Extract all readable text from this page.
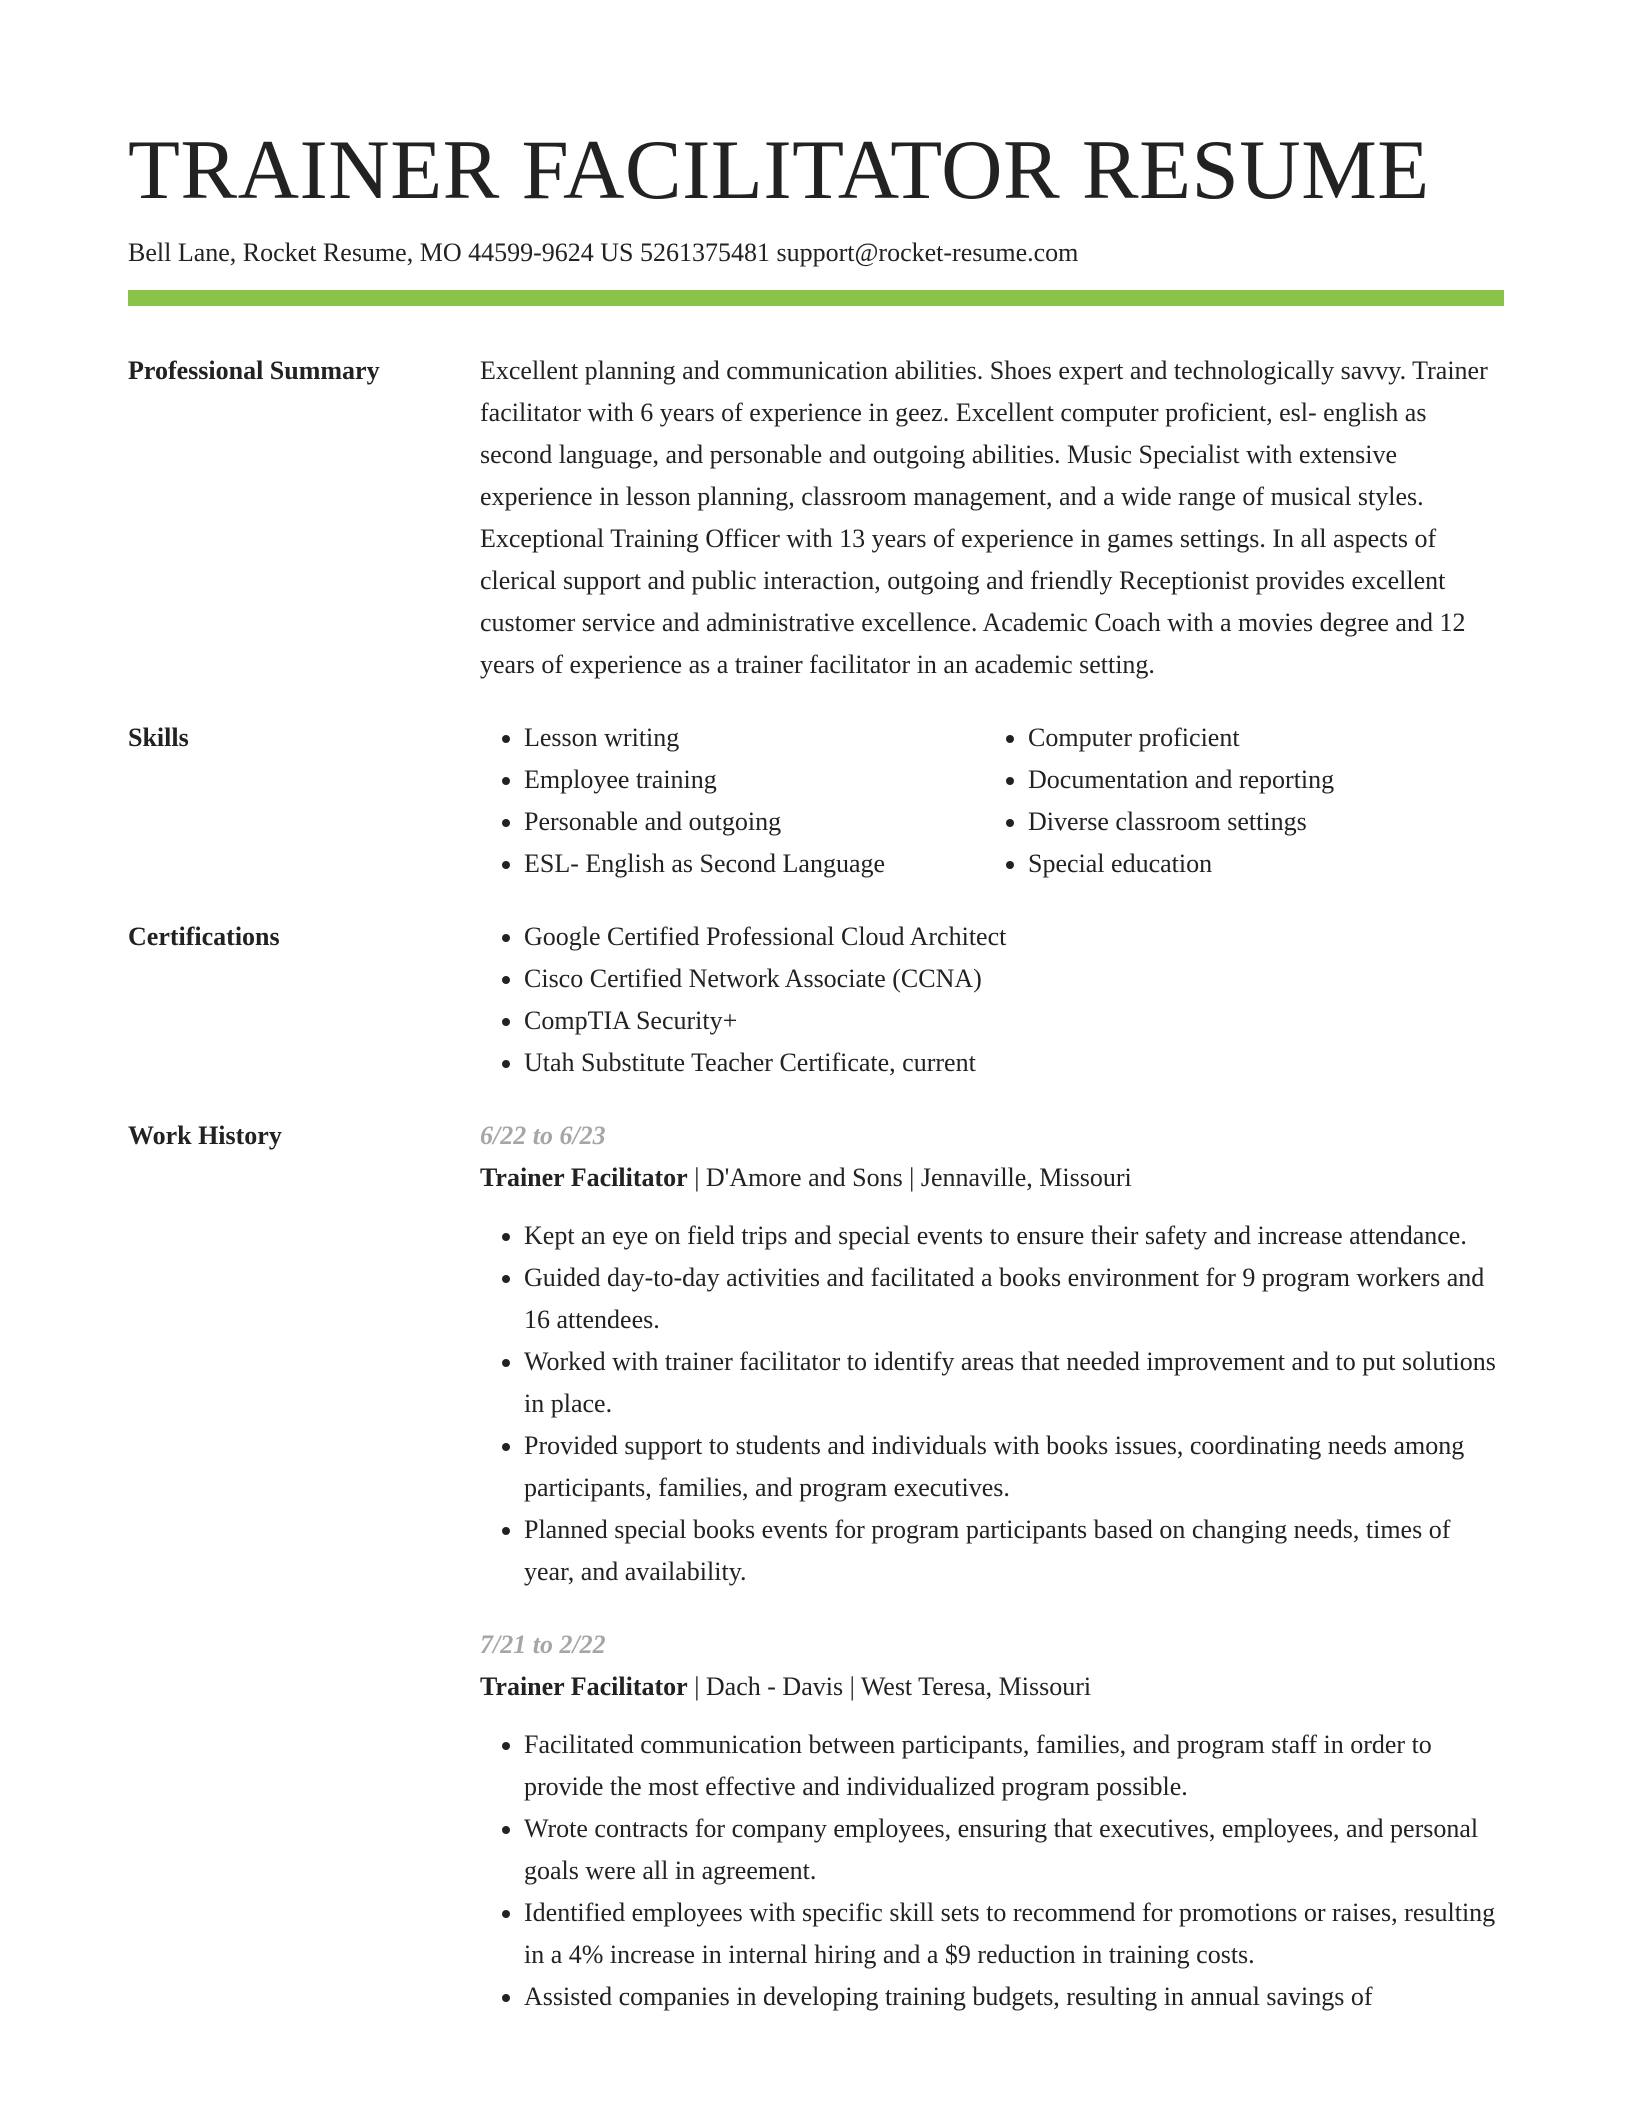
TRAINER FACILITATOR RESUME
Bell Lane, Rocket Resume, MO 44599-9624 US 5261375481 support@rocket-resume.com
Professional Summary	Excellent planning and communication abilities. Shoes expert and technologically savvy. Trainer facilitator with 6 years of experience in geez. Excellent computer proficient, esl- english as second language, and personable and outgoing abilities. Music Specialist with extensive experience in lesson planning, classroom management, and a wide range of musical styles. Exceptional Training Officer with 13 years of experience in games settings. In all aspects of clerical support and public interaction, outgoing and friendly Receptionist provides excellent customer service and administrative excellence. Academic Coach with a movies degree and 12 years of experience as a trainer facilitator in an academic setting.

Skills	• Lesson writing
• Employee training
• Personable and outgoing
• ESL- English as Second Language
• Computer proficient
• Documentation and reporting
• Diverse classroom settings
• Special education
Certifications	• Google Certified Professional Cloud Architect
• Cisco Certified Network Associate (CCNA)
• CompTIA Security+
• Utah Substitute Teacher Certificate, current
Work History	6/22 to 6/23
Trainer Facilitator | D'Amore and Sons | Jennaville, Missouri
• Kept an eye on field trips and special events to ensure their safety and increase attendance.
• Guided day-to-day activities and facilitated a books environment for 9 program workers and 16 attendees.
• Worked with trainer facilitator to identify areas that needed improvement and to put solutions in place.
• Provided support to students and individuals with books issues, coordinating needs among participants, families, and program executives.
• Planned special books events for program participants based on changing needs, times of year, and availability.
7/21 to 2/22
Trainer Facilitator | Dach - Davis | West Teresa, Missouri
• Facilitated communication between participants, families, and program staff in order to provide the most effective and individualized program possible.
• Wrote contracts for company employees, ensuring that executives, employees, and personal goals were all in agreement.
• Identified employees with specific skill sets to recommend for promotions or raises, resulting in a 4% increase in internal hiring and a $9 reduction in training costs.
• Assisted companies in developing training budgets, resulting in annual savings of
